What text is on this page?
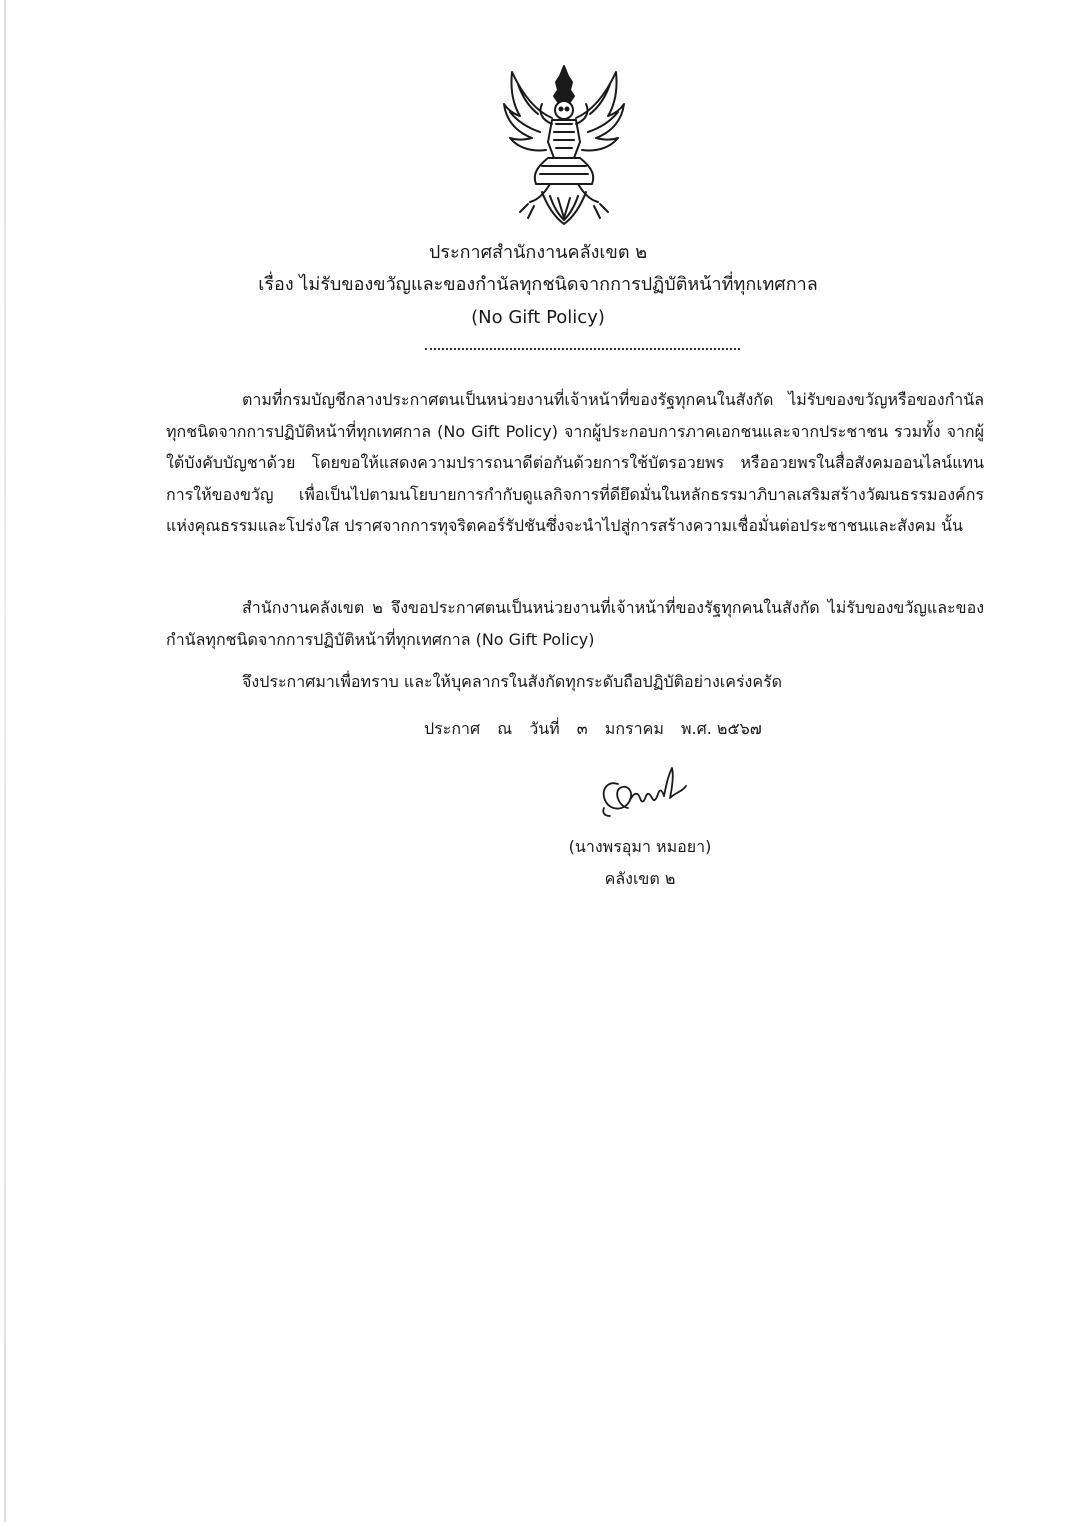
ประกาศสำนักงานคลังเขต ๒
เรื่อง ไม่รับของขวัญและของกำนัลทุกชนิดจากการปฏิบัติหน้าที่ทุกเทศกาล
(No Gift Policy)

ตามที่กรมบัญชีกลางประกาศตนเป็นหน่วยงานที่เจ้าหน้าที่ของรัฐทุกคนในสังกัด ไม่รับของขวัญหรือของกำนัลทุกชนิดจากการปฏิบัติหน้าที่ทุกเทศกาล (No Gift Policy) จากผู้ประกอบการภาคเอกชนและจากประชาชน รวมทั้ง จากผู้ใต้บังคับบัญชาด้วย โดยขอให้แสดงความปรารถนาดีต่อกันด้วยการใช้บัตรอวยพร หรืออวยพรในสื่อสังคมออนไลน์แทนการให้ของขวัญ เพื่อเป็นไปตามนโยบายการกำกับดูแลกิจการที่ดียึดมั่นในหลักธรรมาภิบาลเสริมสร้างวัฒนธรรมองค์กรแห่งคุณธรรมและโปร่งใส ปราศจากการทุจริตคอร์รัปชันซึ่งจะนำไปสู่การสร้างความเชื่อมั่นต่อประชาชนและสังคม นั้น

สำนักงานคลังเขต ๒ จึงขอประกาศตนเป็นหน่วยงานที่เจ้าหน้าที่ของรัฐทุกคนในสังกัด ไม่รับของขวัญและของกำนัลทุกชนิดจากการปฏิบัติหน้าที่ทุกเทศกาล (No Gift Policy)

จึงประกาศมาเพื่อทราบ และให้บุคลากรในสังกัดทุกระดับถือปฏิบัติอย่างเคร่งครัด

ประกาศ ณ วันที่ ๓ มกราคม พ.ศ. ๒๕๖๗
(นางพรอุมา หมอยา)
คลังเขต ๒
